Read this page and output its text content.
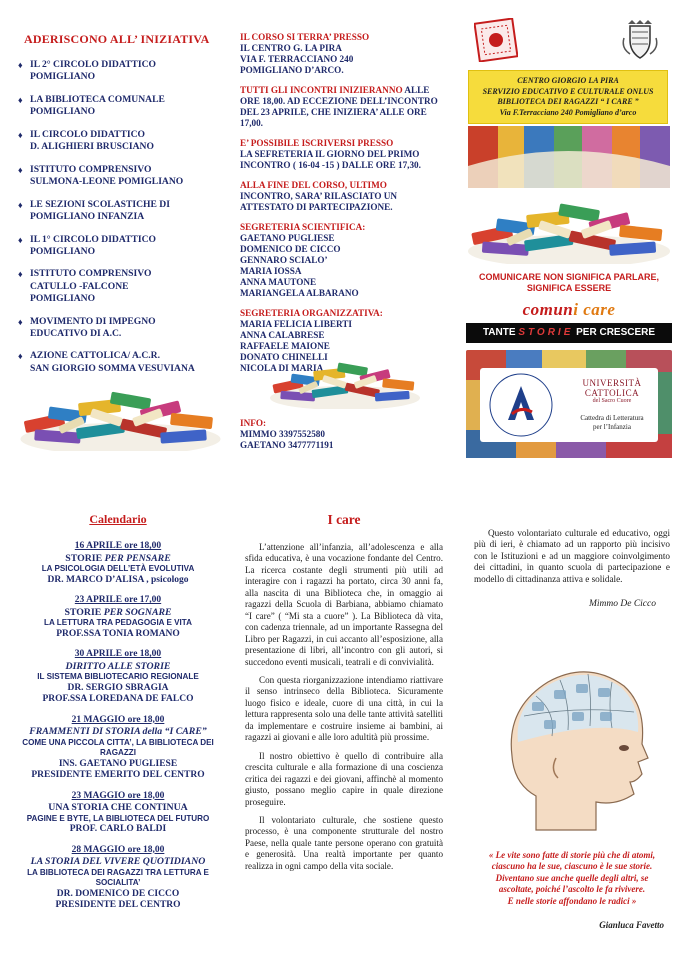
ADERISCONO ALL’ INIZIATIVA
♦ IL 2° CIRCOLO DIDATTICO
POMIGLIANO
♦ LA BIBLIOTECA COMUNALE
POMIGLIANO
♦ IL CIRCOLO DIDATTICO
D. ALIGHIERI BRUSCIANO
♦ ISTITUTO COMPRENSIVO
SULMONA-LEONE POMIGLIANO
♦ LE SEZIONI SCOLASTICHE DI
POMIGLIANO INFANZIA
♦ IL 1° CIRCOLO DIDATTICO
POMIGLIANO
♦ ISTITUTO COMPRENSIVO
CATULLO -FALCONE
POMIGLIANO
♦ MOVIMENTO DI IMPEGNO
EDUCATIVO DI A.C.
♦ AZIONE CATTOLICA/ A.C.R.
SAN GIORGIO SOMMA VESUVIANA
IL CORSO SI TERRA’ PRESSO
IL CENTRO G. LA PIRA
VIA F. TERRACCIANO 240
POMIGLIANO D’ARCO.
TUTTI GLI INCONTRI INIZIERANNO ALLE ORE 18,00. AD ECCEZIONE DELL’INCONTRO DEL 23 APRILE, CHE INIZIERA’ ALLE ORE 17,00.
E’ POSSIBILE ISCRIVERSI PRESSO
LA SEFRETERIA IL GIORNO DEL PRIMO INCONTRO ( 16-04 -15 ) DALLE ORE 17,30.
ALLA FINE DEL CORSO, ULTIMO
INCONTRO, SARA’ RILASCIATO UN ATTESTATO DI PARTECIPAZIONE.
SEGRETERIA SCIENTIFICA:
GAETANO PUGLIESE
DOMENICO DE CICCO
GENNARO SCIALO’
MARIA IOSSA
ANNA MAUTONE
MARIANGELA ALBARANO
SEGRETERIA ORGANIZZATIVA:
MARIA FELICIA LIBERTI
ANNA CALABRESE
RAFFAELE MAIONE
DONATO CHINELLI
NICOLA DI MARIA
INFO:
MIMMO 3397552580
GAETANO 3477771191
CENTRO GIORGIO LA PIRA
SERVIZIO EDUCATIVO E CULTURALE ONLUS
BIBLIOTECA DEI RAGAZZI “ I CARE ”
Via F.Terracciano 240 Pomigliano d’arco
COMUNICARE NON SIGNIFICA PARLARE,
SIGNIFICA ESSERE
comuni care
TANTE STORIE PER CRESCERE
UNIVERSITÀ
CATTOLICA
del Sacro Cuore
Cattedra di Letteratura
per l’Infanzia
Calendario
16 APRILE ore 18,00
STORIE PER PENSARE
LA PSICOLOGIA DELL’ETÀ EVOLUTIVA
DR. MARCO D’ALISA , psicologo
23 APRILE ore 17,00
STORIE PER SOGNARE
LA LETTURA TRA PEDAGOGIA E VITA
PROF.SSA TONIA ROMANO
30 APRILE ore 18,00
DIRITTO ALLE STORIE
IL SISTEMA BIBLIOTECARIO REGIONALE
DR. SERGIO SBRAGIA
PROF.SSA LOREDANA DE FALCO
21 MAGGIO ore 18,00
FRAMMENTI DI STORIA della “I CARE”
COME UNA PICCOLA CITTA’, LA BIBLIOTECA DEI RAGAZZI
INS. GAETANO PUGLIESE
PRESIDENTE EMERITO DEL CENTRO
23 MAGGIO ore 18,00
UNA STORIA CHE CONTINUA
PAGINE E BYTE, LA BIBLIOTECA DEL FUTURO
PROF. CARLO BALDI
28 MAGGIO ore 18,00
LA STORIA DEL VIVERE QUOTIDIANO
LA BIBLIOTECA DEI RAGAZZI TRA LETTURA E SOCIALITA’
DR. DOMENICO DE CICCO
PRESIDENTE DEL CENTRO
I care

L’attenzione all’infanzia, all’adolescenza e alla sfida educativa, è una vocazione fondante del Centro. La ricerca costante degli strumenti più utili ad interagire con i ragazzi ha portato, circa 30 anni fa, alla nascita di una Biblioteca che, in omaggio ai ragazzi della Scuola di Barbiana, abbiamo chiamato “I care” ( “Mi sta a cuore” ). La Biblioteca dà vita, con cadenza triennale, ad un importante Rassegna del Libro per Ragazzi, in cui accanto all’esposizione, alla presentazione di libri, all’incontro con gli autori, si succedono eventi musicali, teatrali e di convivialità.

Con questa riorganizzazione intendiamo riattivare il senso intrinseco della Biblioteca. Sicuramente luogo fisico e ideale, cuore di una città, in cui la lettura rappresenta solo una delle tante attività satelliti da implementare e costruire insieme ai bambini, ai ragazzi ai giovani e alle loro adultità più prossime.

Il nostro obiettivo è quello di contribuire alla crescita culturale e alla formazione di una coscienza critica dei ragazzi e dei giovani, affinchè al momento giusto, possano meglio capire in quale direzione proseguire.

Il volontariato culturale, che sostiene questo processo, è una componente strutturale del nostro Paese, nella quale tante persone operano con gratuità e generosità. Una realtà importante per quanto realizza in ogni campo della vita sociale.

Questo volontariato culturale ed educativo, oggi più di ieri, è chiamato ad un rapporto più incisivo con le Istituzioni e ad un maggiore coinvolgimento dei cittadini, in quanto scuola di partecipazione e modello di cittadinanza attiva e solidale.
Mimmo De Cicco
« Le vite sono fatte di storie più che di atomi,
ciascuno ha le sue, ciascuno è le sue storie.
Diventano sue anche quelle degli altri, se
ascoltate, poiché l’ascolto le fa rivivere.
E nelle storie affondano le radici »
Gianluca Favetto
